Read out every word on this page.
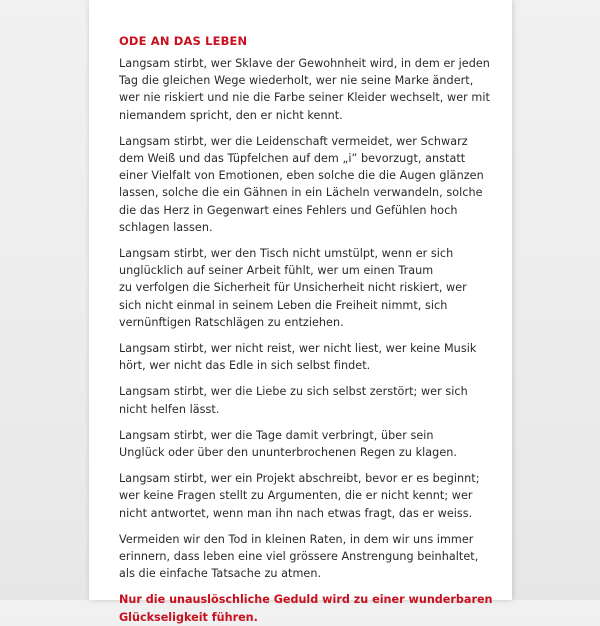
ODE AN DAS LEBEN

Langsam stirbt, wer Sklave der Gewohnheit wird, in dem er jeden
Tag die gleichen Wege wiederholt, wer nie seine Marke ändert,
wer nie riskiert und nie die Farbe seiner Kleider wechselt, wer mit
niemandem spricht, den er nicht kennt.

Langsam stirbt, wer die Leidenschaft vermeidet, wer Schwarz
dem Weiß und das Tüpfelchen auf dem „i” bevorzugt, anstatt
einer Vielfalt von Emotionen, eben solche die die Augen glänzen
lassen, solche die ein Gähnen in ein Lächeln verwandeln, solche
die das Herz in Gegenwart eines Fehlers und Gefühlen hoch
schlagen lassen.

Langsam stirbt, wer den Tisch nicht umstülpt, wenn er sich
unglücklich auf seiner Arbeit fühlt, wer um einen Traum
zu verfolgen die Sicherheit für Unsicherheit nicht riskiert, wer
sich nicht einmal in seinem Leben die Freiheit nimmt, sich
vernünftigen Ratschlägen zu entziehen.

Langsam stirbt, wer nicht reist, wer nicht liest, wer keine Musik
hört, wer nicht das Edle in sich selbst findet.

Langsam stirbt, wer die Liebe zu sich selbst zerstört; wer sich
nicht helfen lässt.

Langsam stirbt, wer die Tage damit verbringt, über sein
Unglück oder über den ununterbrochenen Regen zu klagen.

Langsam stirbt, wer ein Projekt abschreibt, bevor er es beginnt;
wer keine Fragen stellt zu Argumenten, die er nicht kennt; wer
nicht antwortet, wenn man ihn nach etwas fragt, das er weiss.

Vermeiden wir den Tod in kleinen Raten, in dem wir uns immer
erinnern, dass leben eine viel grössere Anstrengung beinhaltet,
als die einfache Tatsache zu atmen.

Nur die unauslöschliche Geduld wird zu einer wunderbaren
Glückseligkeit führen.
